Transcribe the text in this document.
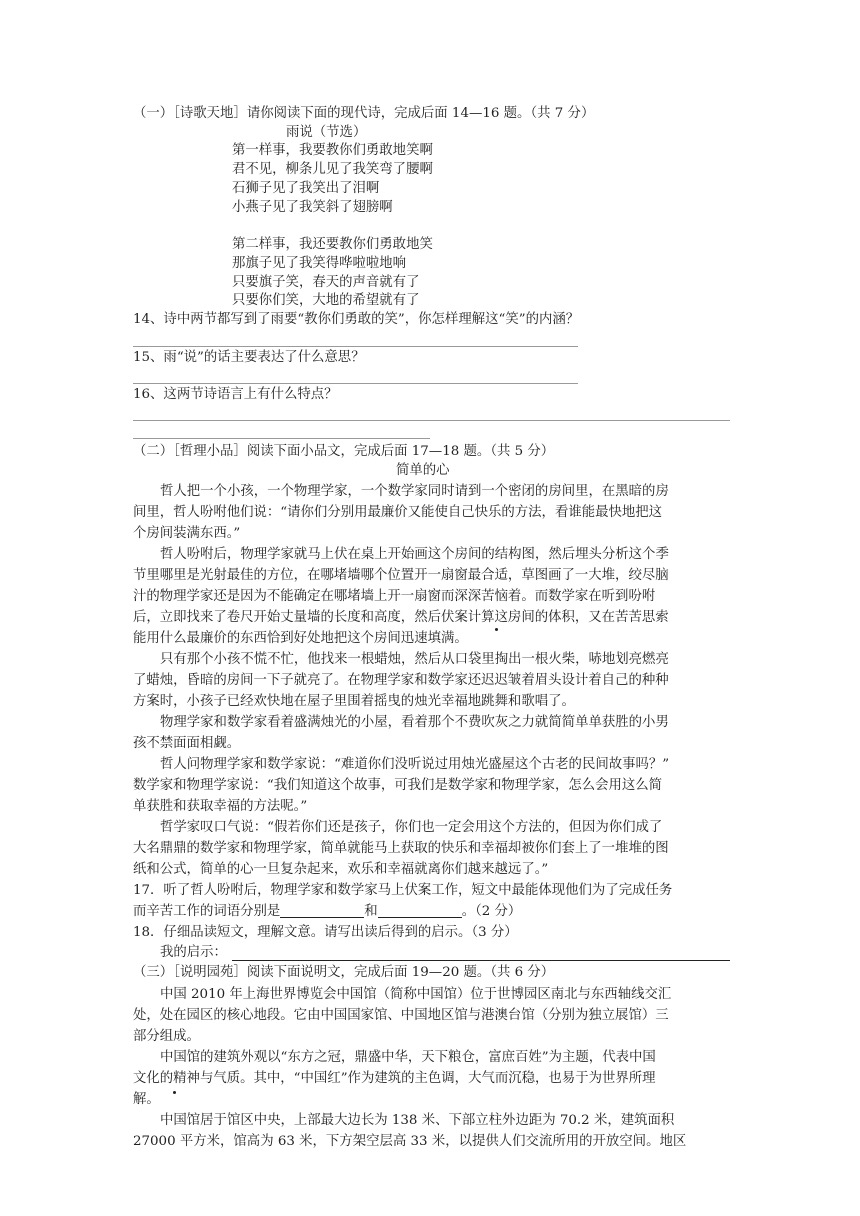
（一）［诗歌天地］请你阅读下面的现代诗，完成后面 14—16 题。（共 7 分）
雨说（节选）
第一样事，我要教你们勇敢地笑啊
君不见，柳条儿见了我笑弯了腰啊
石狮子见了我笑出了泪啊
小燕子见了我笑斜了翅膀啊
第二样事，我还要教你们勇敢地笑
那旗子见了我笑得哗啦啦地响
只要旗子笑，春天的声音就有了
只要你们笑，大地的希望就有了
14、诗中两节都写到了雨要“教你们勇敢的笑”，你怎样理解这“笑”的内涵？
15、雨“说”的话主要表达了什么意思？
16、这两节诗语言上有什么特点？
（二）［哲理小品］阅读下面小品文，完成后面 17—18 题。（共 5 分）
简单的心
哲人把一个小孩，一个物理学家，一个数学家同时请到一个密闭的房间里，在黑暗的房
间里，哲人吩咐他们说：“请你们分别用最廉价又能使自己快乐的方法，看谁能最快地把这
个房间装满东西。”
哲人吩咐后，物理学家就马上伏在桌上开始画这个房间的结构图，然后埋头分析这个季
节里哪里是光射最佳的方位，在哪堵墙哪个位置开一扇窗最合适，草图画了一大堆，绞尽脑
汁的物理学家还是因为不能确定在哪堵墙上开一扇窗而深深苦恼着。而数学家在听到吩咐
后，立即找来了卷尺开始丈量墙的长度和高度，然后伏案计算这房间的体积，又在苦苦思索
能用什么最廉价的东西恰到好处地把这个房间迅速填满。
只有那个小孩不慌不忙，他找来一根蜡烛，然后从口袋里掏出一根火柴，哧地划亮燃亮
了蜡烛，昏暗的房间一下子就亮了。在物理学家和数学家还迟迟皱着眉头设计着自己的种种
方案时，小孩子已经欢快地在屋子里围着摇曳的烛光幸福地跳舞和歌唱了。
物理学家和数学家看着盛满烛光的小屋，看着那个不费吹灰之力就简简单单获胜的小男
孩不禁面面相觑。
哲人问物理学家和数学家说：“难道你们没听说过用烛光盛屋这个古老的民间故事吗？”
数学家和物理学家说：“我们知道这个故事，可我们是数学家和物理学家，怎么会用这么简
单获胜和获取幸福的方法呢。”
哲学家叹口气说：“假若你们还是孩子，你们也一定会用这个方法的，但因为你们成了
大名鼎鼎的数学家和物理学家，简单就能马上获取的快乐和幸福却被你们套上了一堆堆的图
纸和公式，简单的心一旦复杂起来，欢乐和幸福就离你们越来越远了。”
17．听了哲人吩咐后，物理学家和数学家马上伏案工作，短文中最能体现他们为了完成任务
而辛苦工作的词语分别是	和	。（2 分）
18．仔细品读短文，理解文意。请写出读后得到的启示。（3 分）
我的启示：
（三）［说明园苑］阅读下面说明文，完成后面 19—20 题。（共 6 分）
中国 2010 年上海世界博览会中国馆（简称中国馆）位于世博园区南北与东西轴线交汇
处，处在园区的核心地段。它由中国国家馆、中国地区馆与港澳台馆（分别为独立展馆）三
部分组成。
中国馆的建筑外观以“东方之冠，鼎盛中华，天下粮仓，富庶百姓”为主题，代表中国
文化的精神与气质。其中，“中国红”作为建筑的主色调，大气而沉稳，也易于为世界所理
解。
中国馆居于馆区中央，上部最大边长为 138 米、下部立柱外边距为 70.2 米，建筑面积
27000 平方米，馆高为 63 米，下方架空层高 33 米，以提供人们交流所用的开放空间。地区
